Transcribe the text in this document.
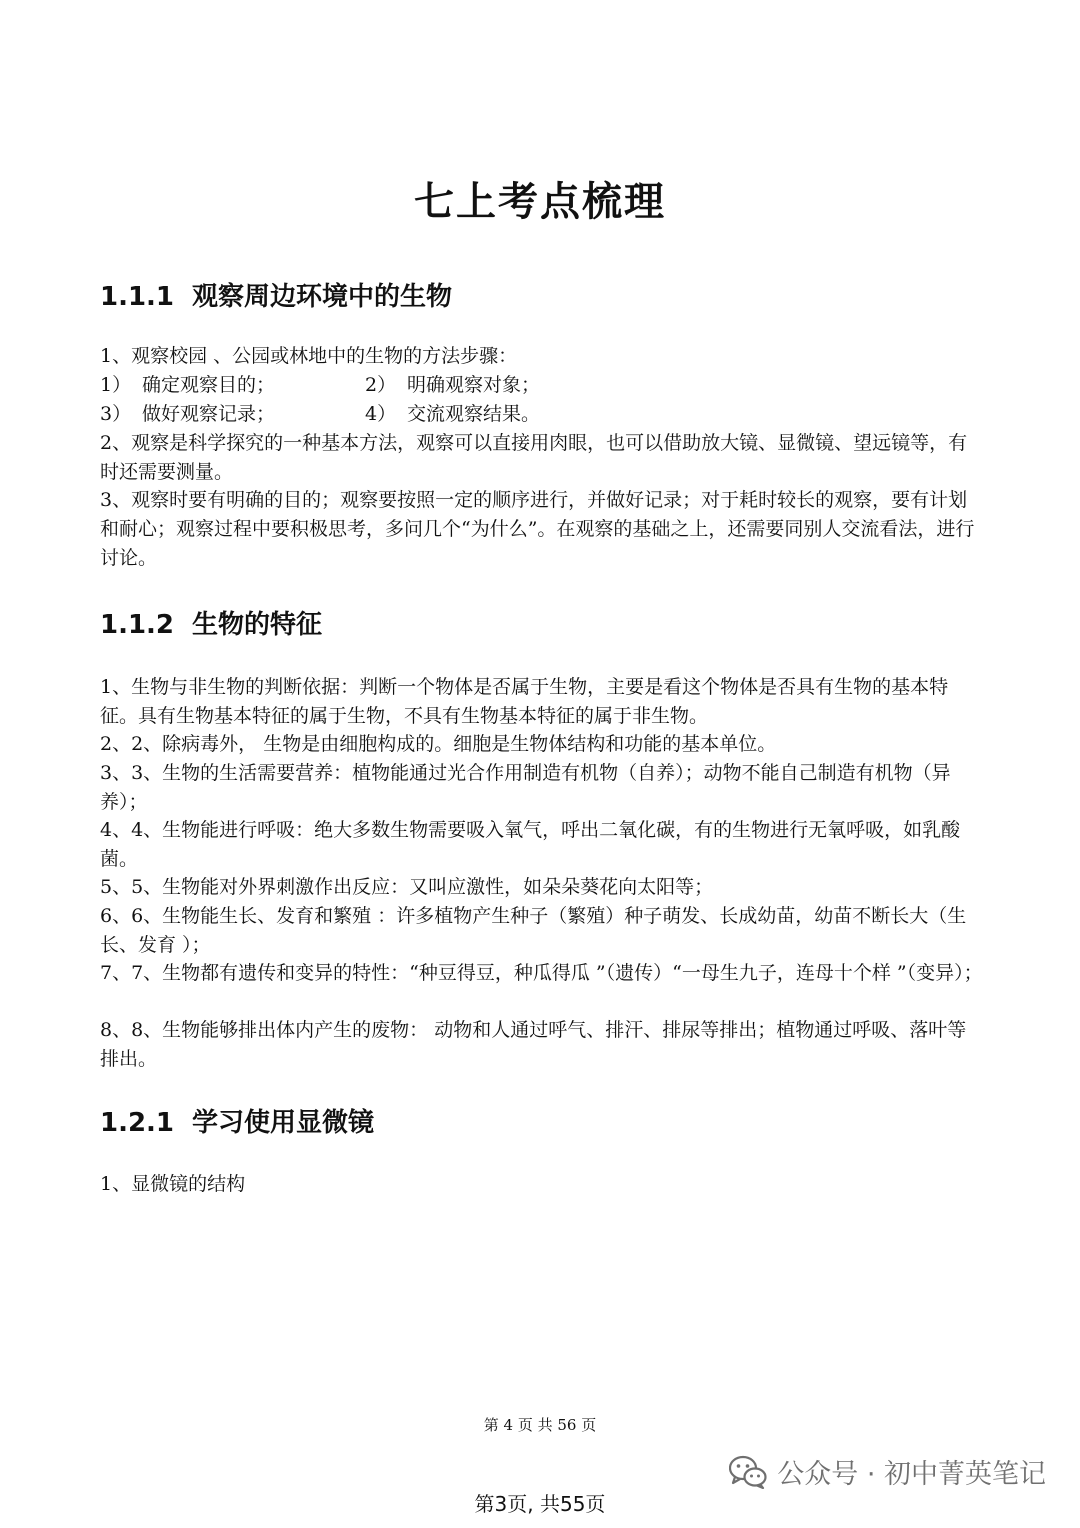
七上考点梳理
1.1.1 观察周边环境中的生物

1、观察校园 、公园或林地中的生物的方法步骤：

1） 确定观察目的；	2） 明确观察对象；
3） 做好观察记录；	4） 交流观察结果。

2、观察是科学探究的一种基本方法，观察可以直接用肉眼，也可以借助放大镜、显微镜、望远镜等，有时还需要测量。

3、观察时要有明确的目的；观察要按照一定的顺序进行，并做好记录；对于耗时较长的观察，要有计划和耐心；观察过程中要积极思考，多问几个“为什么”。在观察的基础之上，还需要同别人交流看法，进行讨论。

1.1.2 生物的特征

1、生物与非生物的判断依据：判断一个物体是否属于生物，主要是看这个物体是否具有生物的基本特征。具有生物基本特征的属于生物，不具有生物基本特征的属于非生物。

2、2、除病毒外， 生物是由细胞构成的。细胞是生物体结构和功能的基本单位。

3、3、生物的生活需要营养：植物能通过光合作用制造有机物（自养）；动物不能自己制造有机物（异养）；

4、4、生物能进行呼吸：绝大多数生物需要吸入氧气，呼出二氧化碳，有的生物进行无氧呼吸，如乳酸菌。

5、5、生物能对外界刺激作出反应：又叫应激性，如朵朵葵花向太阳等；

6、6、生物能生长、发育和繁殖 ：许多植物产生种子（繁殖）种子萌发、长成幼苗，幼苗不断长大（生长、发育 ）；

7、7、生物都有遗传和变异的特性：“种豆得豆，种瓜得瓜 ”（遗传）“一母生九子，连母十个样 ”（变异）；

8、8、生物能够排出体内产生的废物： 动物和人通过呼气、排汗、排尿等排出；植物通过呼吸、落叶等排出。

1.2.1 学习使用显微镜

1、显微镜的结构

第 4 页 共 56 页
公众号 · 初中菁英笔记
第3页, 共55页
